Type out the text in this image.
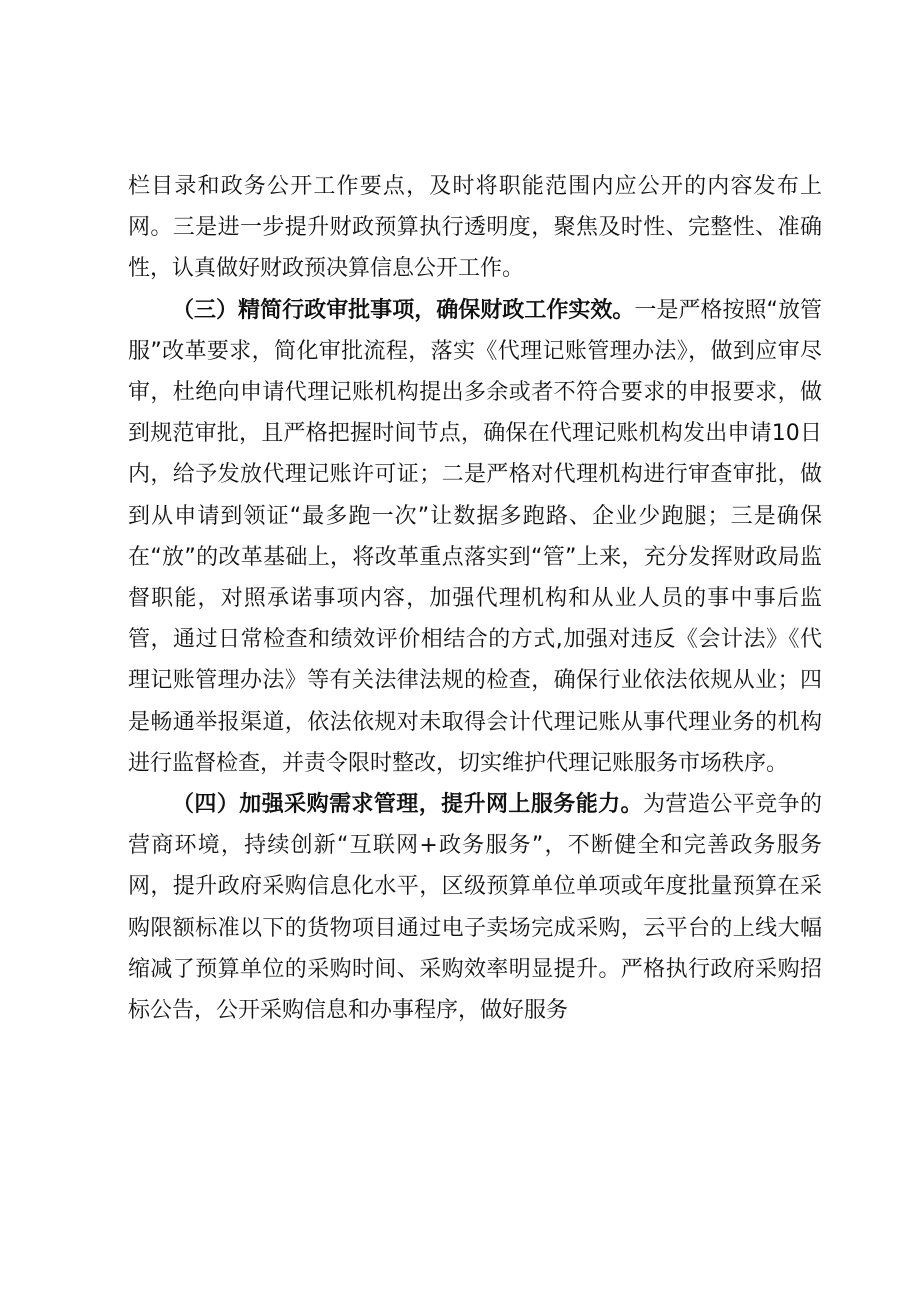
栏目录和政务公开工作要点，及时将职能范围内应公开的内容发布上网。三是进一步提升财政预算执行透明度，聚焦及时性、完整性、准确性，认真做好财政预决算信息公开工作。

（三）精简行政审批事项，确保财政工作实效。一是严格按照“放管服”改革要求，简化审批流程，落实《代理记账管理办法》，做到应审尽审，杜绝向申请代理记账机构提出多余或者不符合要求的申报要求，做到规范审批，且严格把握时间节点，确保在代理记账机构发出申请10日内，给予发放代理记账许可证；二是严格对代理机构进行审查审批，做到从申请到领证“最多跑一次”让数据多跑路、企业少跑腿；三是确保在“放”的改革基础上，将改革重点落实到“管”上来，充分发挥财政局监督职能，对照承诺事项内容，加强代理机构和从业人员的事中事后监管，通过日常检查和绩效评价相结合的方式,加强对违反《会计法》《代理记账管理办法》等有关法律法规的检查，确保行业依法依规从业；四是畅通举报渠道，依法依规对未取得会计代理记账从事代理业务的机构进行监督检查，并责令限时整改，切实维护代理记账服务市场秩序。

（四）加强采购需求管理，提升网上服务能力。为营造公平竞争的营商环境，持续创新“互联网+政务服务”，不断健全和完善政务服务网，提升政府采购信息化水平，区级预算单位单项或年度批量预算在采购限额标准以下的货物项目通过电子卖场完成采购，云平台的上线大幅缩减了预算单位的采购时间、采购效率明显提升。严格执行政府采购招标公告，公开采购信息和办事程序，做好服务
